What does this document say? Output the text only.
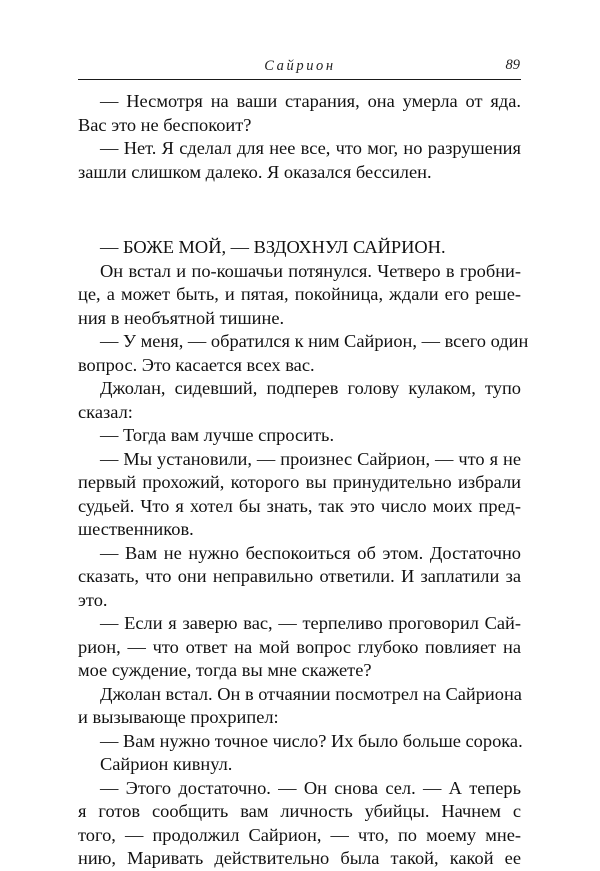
Сайрион	89
— Несмотря на ваши старания, она умерла от яда.
Вас это не беспокоит?
— Нет. Я сделал для нее все, что мог, но разрушения
зашли слишком далеко. Я оказался бессилен.
— БОЖЕ МОЙ, — ВЗДОХНУЛ САЙРИОН.
Он встал и по-кошачьи потянулся. Четверо в гробни-
це, а может быть, и пятая, покойница, ждали его реше-
ния в необъятной тишине.
— У меня, — обратился к ним Сайрион, — всего один
вопрос. Это касается всех вас.
Джолан, сидевший, подперев голову кулаком, тупо
сказал:
— Тогда вам лучше спросить.
— Мы установили, — произнес Сайрион, — что я не
первый прохожий, которого вы принудительно избрали
судьей. Что я хотел бы знать, так это число моих пред-
шественников.
— Вам не нужно беспокоиться об этом. Достаточно
сказать, что они неправильно ответили. И заплатили за
это.
— Если я заверю вас, — терпеливо проговорил Сай-
рион, — что ответ на мой вопрос глубоко повлияет на
мое суждение, тогда вы мне скажете?
Джолан встал. Он в отчаянии посмотрел на Сайриона
и вызывающе прохрипел:
— Вам нужно точное число? Их было больше сорока.
Сайрион кивнул.
— Этого достаточно. — Он снова сел. — А теперь
я готов сообщить вам личность убийцы. Начнем с
того, — продолжил Сайрион, — что, по моему мне-
нию, Маривать действительно была такой, какой ее
